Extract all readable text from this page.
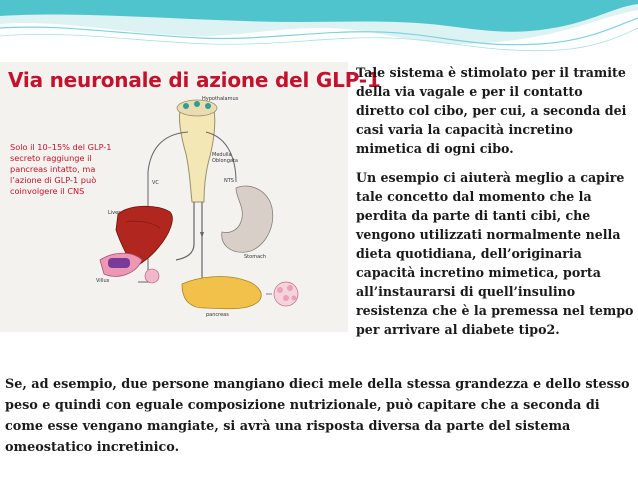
Via neuronale di azione del GLP-1
Solo il 10–15% del GLP-1 secreto raggiunge il pancreas intatto, ma l’azione di GLP-1 può coinvolgere il CNS
Hypothalamus
Medulla Oblongata
Liver
Stomach
pancreas
VC	NTS
Villus

Tale sistema è stimolato per il tramite della via vagale e per il contatto diretto col cibo, per cui, a seconda dei casi varia la capacità incretino mimetica di ogni cibo.

Un esempio ci aiuterà meglio a capire tale concetto dal momento che la perdita da parte di tanti cibi, che vengono utilizzati normalmente nella dieta quotidiana, dell’originaria capacità incretino mimetica, porta all’instaurarsi di quell’insulino resistenza che è la premessa nel tempo per arrivare al diabete tipo2.

Se, ad esempio, due persone mangiano dieci mele della stessa grandezza e dello stesso peso e quindi con eguale composizione nutrizionale, può capitare che a seconda di come esse vengano mangiate, si avrà una risposta diversa da parte del sistema omeostatico incretinico.
